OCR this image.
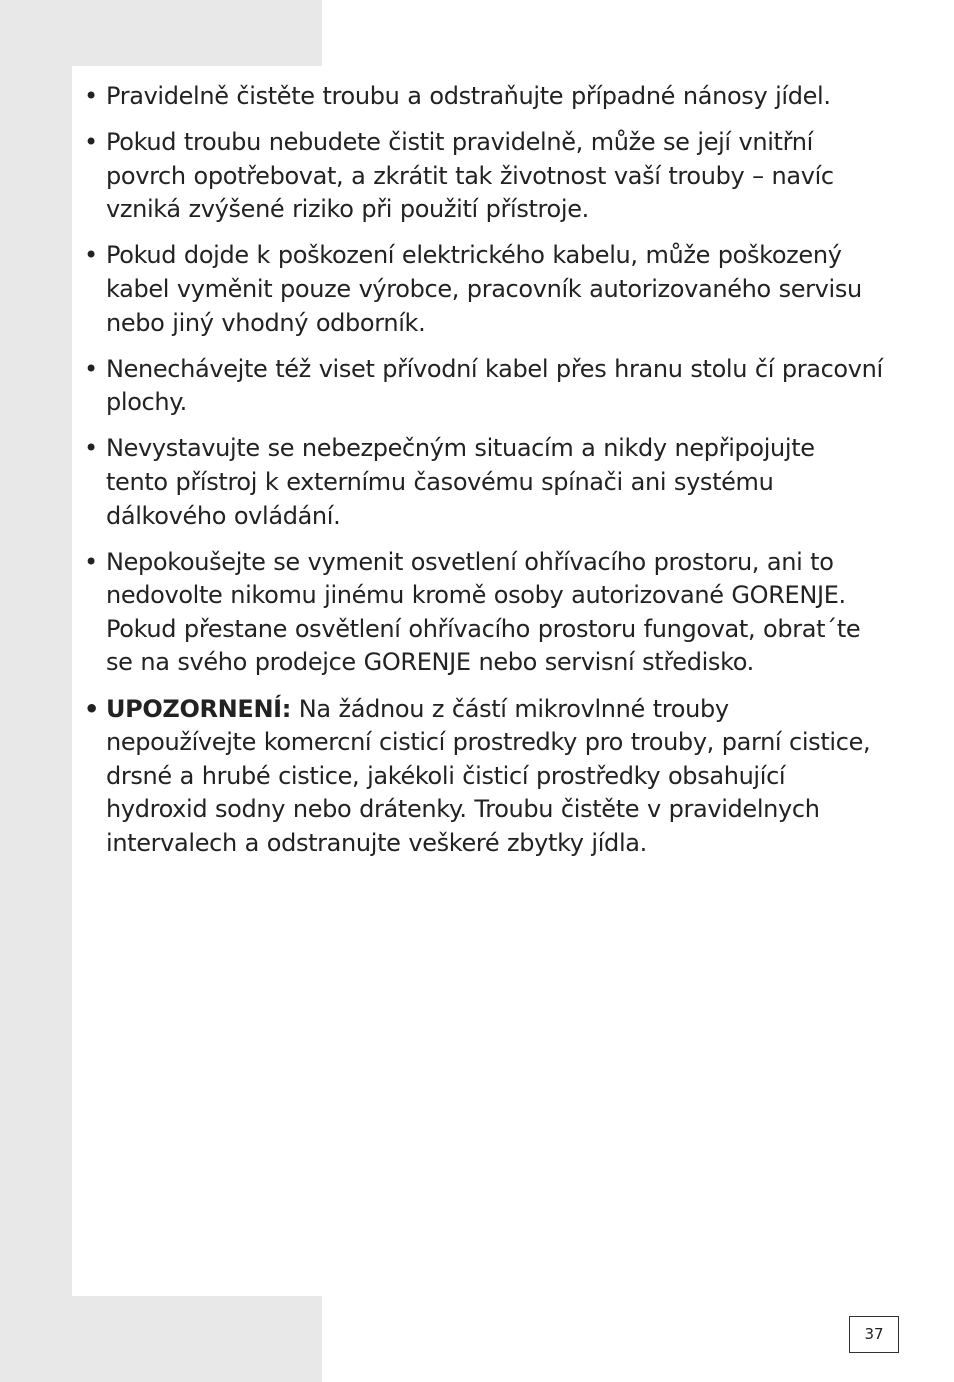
• Pravidelně čistěte troubu a odstraňujte případné nánosy jídel.
• Pokud troubu nebudete čistit pravidelně, může se její vnitřní povrch opotřebovat, a zkrátit tak životnost vaší trouby – navíc vzniká zvýšené riziko při použití přístroje.
• Pokud dojde k poškození elektrického kabelu, může poškozený kabel vyměnit pouze výrobce, pracovník autorizovaného servisu nebo jiný vhodný odborník.
• Nenechávejte též viset přívodní kabel přes hranu stolu čí pracovní plochy.
• Nevystavujte se nebezpečným situacím a nikdy nepřipojujte tento přístroj k externímu časovému spínači ani systému dálkového ovládání.
• Nepokoušejte se vymenit osvetlení ohřívacího prostoru, ani to nedovolte nikomu jinému kromě osoby autorizované GORENJE. Pokud přestane osvětlení ohřívacího prostoru fungovat, obrat´te se na svého prodejce GORENJE nebo servisní středisko.
• UPOZORNENÍ: Na žádnou z částí mikrovlnné trouby nepoužívejte komercní cisticí prostredky pro trouby, parní cistice, drsné a hrubé cistice, jakékoli čisticí prostředky obsahující hydroxid sodny nebo drátenky. Troubu čistěte v pravidelnych intervalech a odstranujte veškeré zbytky jídla.
37
